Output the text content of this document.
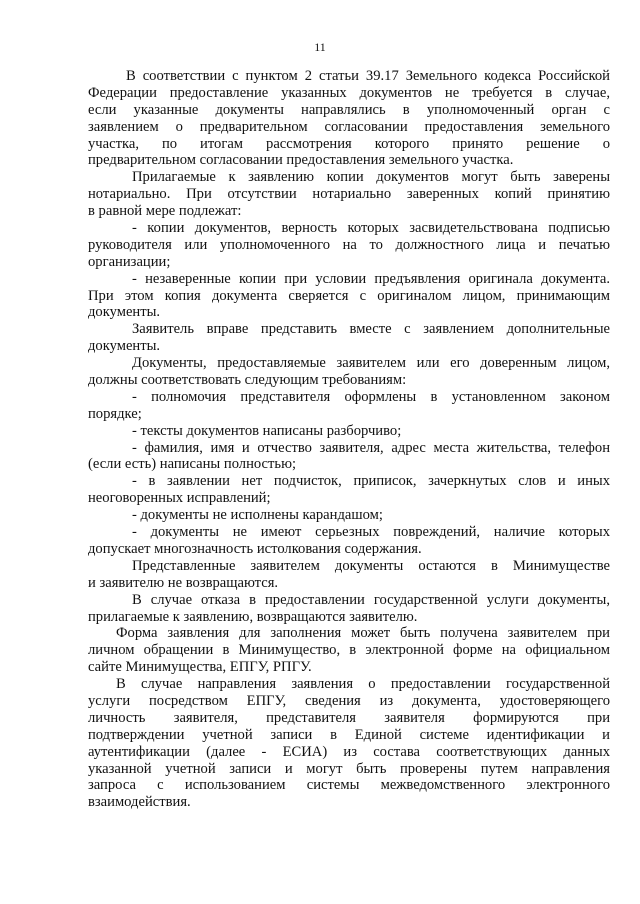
11
В соответствии с пунктом 2 статьи 39.17 Земельного кодекса Российской
Федерации предоставление указанных документов не требуется в случае,
если указанные документы направлялись в уполномоченный орган с
заявлением о предварительном согласовании предоставления земельного
участка, по итогам рассмотрения которого принято решение о
предварительном согласовании предоставления земельного участка.
Прилагаемые к заявлению копии документов могут быть заверены
нотариально. При отсутствии нотариально заверенных копий принятию
в равной мере подлежат:
- копии документов, верность которых засвидетельствована подписью
руководителя или уполномоченного на то должностного лица и печатью
организации;
- незаверенные копии при условии предъявления оригинала документа.
При этом копия документа сверяется с оригиналом лицом, принимающим
документы.
Заявитель вправе представить вместе с заявлением дополнительные
документы.
Документы, предоставляемые заявителем или его доверенным лицом,
должны соответствовать следующим требованиям:
- полномочия представителя оформлены в установленном законом
порядке;
- тексты документов написаны разборчиво;
- фамилия, имя и отчество заявителя, адрес места жительства, телефон
(если есть) написаны полностью;
- в заявлении нет подчисток, приписок, зачеркнутых слов и иных
неоговоренных исправлений;
- документы не исполнены карандашом;
- документы не имеют серьезных повреждений, наличие которых
допускает многозначность истолкования содержания.
Представленные заявителем документы остаются в Минимуществе
и заявителю не возвращаются.
В случае отказа в предоставлении государственной услуги документы,
прилагаемые к заявлению, возвращаются заявителю.
Форма заявления для заполнения может быть получена заявителем при
личном обращении в Минимущество, в электронной форме на официальном
сайте Минимущества, ЕПГУ, РПГУ.
В случае направления заявления о предоставлении государственной
услуги посредством ЕПГУ, сведения из документа, удостоверяющего
личность заявителя, представителя заявителя формируются при
подтверждении учетной записи в Единой системе идентификации и
аутентификации (далее - ЕСИА) из состава соответствующих данных
указанной учетной записи и могут быть проверены путем направления
запроса с использованием системы межведомственного электронного
взаимодействия.
